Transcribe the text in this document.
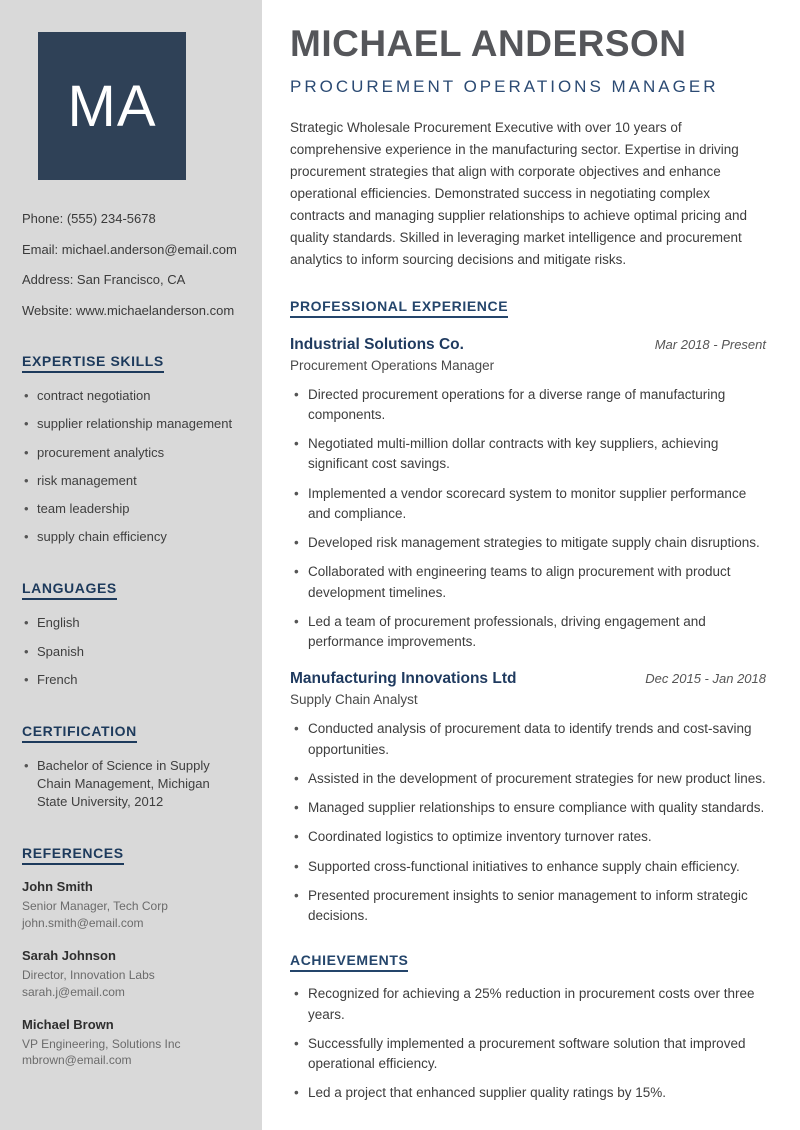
MA
Phone: (555) 234-5678
Email: michael.anderson@email.com
Address: San Francisco, CA
Website: www.michaelanderson.com
EXPERTISE SKILLS
• contract negotiation
• supplier relationship management
• procurement analytics
• risk management
• team leadership
• supply chain efficiency
LANGUAGES
• English
• Spanish
• French
CERTIFICATION
• Bachelor of Science in Supply Chain Management, Michigan State University, 2012
REFERENCES
John Smith
Senior Manager, Tech Corp
john.smith@email.com
Sarah Johnson
Director, Innovation Labs
sarah.j@email.com
Michael Brown
VP Engineering, Solutions Inc
mbrown@email.com
MICHAEL ANDERSON
PROCUREMENT OPERATIONS MANAGER

Strategic Wholesale Procurement Executive with over 10 years of comprehensive experience in the manufacturing sector. Expertise in driving procurement strategies that align with corporate objectives and enhance operational efficiencies. Demonstrated success in negotiating complex contracts and managing supplier relationships to achieve optimal pricing and quality standards. Skilled in leveraging market intelligence and procurement analytics to inform sourcing decisions and mitigate risks.

PROFESSIONAL EXPERIENCE
Industrial Solutions Co.	Mar 2018 - Present
Procurement Operations Manager
• Directed procurement operations for a diverse range of manufacturing components.
• Negotiated multi-million dollar contracts with key suppliers, achieving significant cost savings.
• Implemented a vendor scorecard system to monitor supplier performance and compliance.
• Developed risk management strategies to mitigate supply chain disruptions.
• Collaborated with engineering teams to align procurement with product development timelines.
• Led a team of procurement professionals, driving engagement and performance improvements.
Manufacturing Innovations Ltd	Dec 2015 - Jan 2018
Supply Chain Analyst
• Conducted analysis of procurement data to identify trends and cost-saving opportunities.
• Assisted in the development of procurement strategies for new product lines.
• Managed supplier relationships to ensure compliance with quality standards.
• Coordinated logistics to optimize inventory turnover rates.
• Supported cross-functional initiatives to enhance supply chain efficiency.
• Presented procurement insights to senior management to inform strategic decisions.
ACHIEVEMENTS
• Recognized for achieving a 25% reduction in procurement costs over three years.
• Successfully implemented a procurement software solution that improved operational efficiency.
• Led a project that enhanced supplier quality ratings by 15%.
